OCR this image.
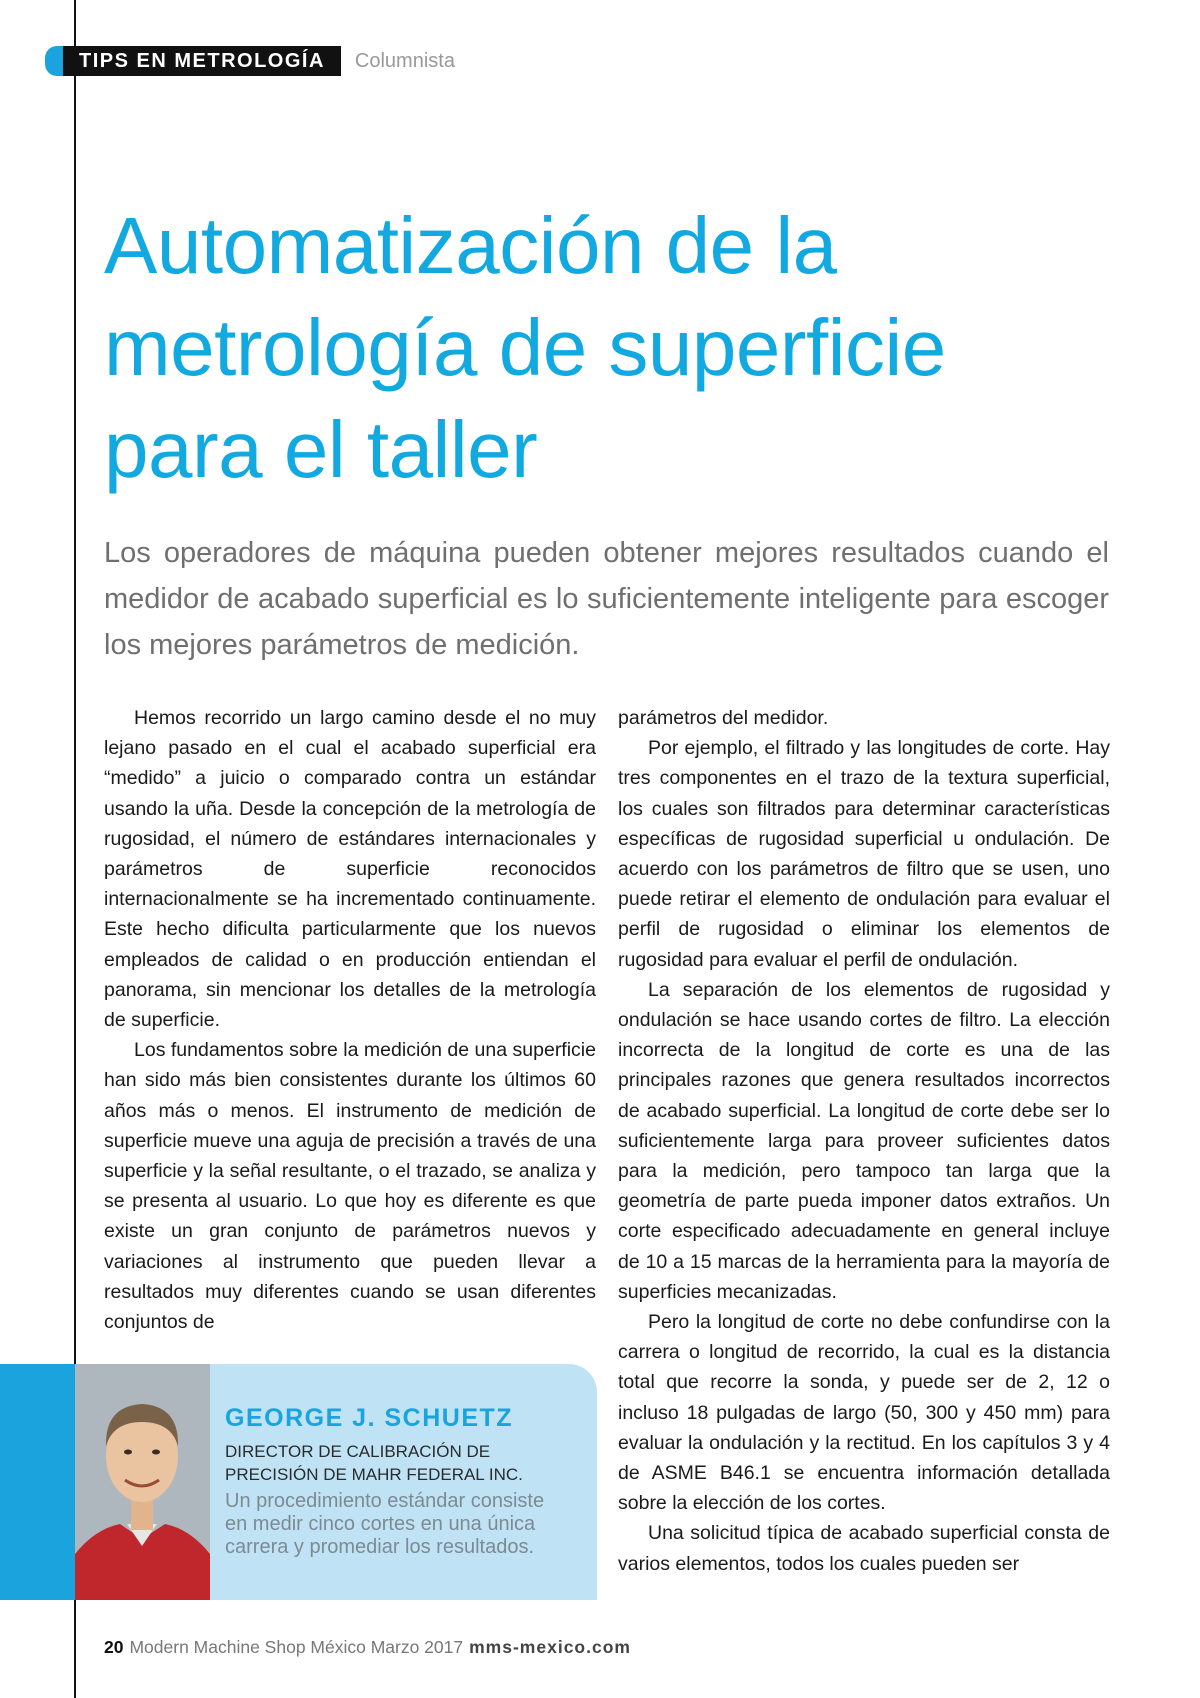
TIPS EN METROLOGÍA	Columnista
Automatización de la
metrología de superficie
para el taller

Los operadores de máquina pueden obtener mejores resultados cuando el medidor de acabado superficial es lo suficientemente inteligente para escoger los mejores parámetros de medición.

Hemos recorrido un largo camino desde el no muy lejano pasado en el cual el acabado superficial era “medido” a juicio o comparado contra un estándar usando la uña. Desde la concepción de la metrología de rugosidad, el número de estándares internacionales y parámetros de superficie reconocidos internacionalmente se ha incrementado continuamente. Este hecho dificulta particularmente que los nuevos empleados de calidad o en producción entiendan el panorama, sin mencionar los detalles de la metrología de superficie.

Los fundamentos sobre la medición de una superficie han sido más bien consistentes durante los últimos 60 años más o menos. El instrumento de medición de superficie mueve una aguja de precisión a través de una superficie y la señal resultante, o el trazado, se analiza y se presenta al usuario. Lo que hoy es diferente es que existe un gran conjunto de parámetros nuevos y variaciones al instrumento que pueden llevar a resultados muy diferentes cuando se usan diferentes conjuntos de

parámetros del medidor.

Por ejemplo, el filtrado y las longitudes de corte. Hay tres componentes en el trazo de la textura superficial, los cuales son filtrados para determinar características específicas de rugosidad superficial u ondulación. De acuerdo con los parámetros de filtro que se usen, uno puede retirar el elemento de ondulación para evaluar el perfil de rugosidad o eliminar los elementos de rugosidad para evaluar el perfil de ondulación.

La separación de los elementos de rugosidad y ondulación se hace usando cortes de filtro. La elección incorrecta de la longitud de corte es una de las principales razones que genera resultados incorrectos de acabado superficial. La longitud de corte debe ser lo suficientemente larga para proveer suficientes datos para la medición, pero tampoco tan larga que la geometría de parte pueda imponer datos extraños. Un corte especificado adecuadamente en general incluye de 10 a 15 marcas de la herramienta para la mayoría de superficies mecanizadas.

Pero la longitud de corte no debe confundirse con la carrera o longitud de recorrido, la cual es la distancia total que recorre la sonda, y puede ser de 2, 12 o incluso 18 pulgadas de largo (50, 300 y 450 mm) para evaluar la ondulación y la rectitud. En los capítulos 3 y 4 de ASME B46.1 se encuentra información detallada sobre la elección de los cortes.

Una solicitud típica de acabado superficial consta de varios elementos, todos los cuales pueden ser

GEORGE J. SCHUETZ
DIRECTOR DE CALIBRACIÓN DE
PRECISIÓN DE MAHR FEDERAL INC.
Un procedimiento estándar consiste
en medir cinco cortes en una única
carrera y promediar los resultados.
20 Modern Machine Shop México Marzo 2017 mms-mexico.com
